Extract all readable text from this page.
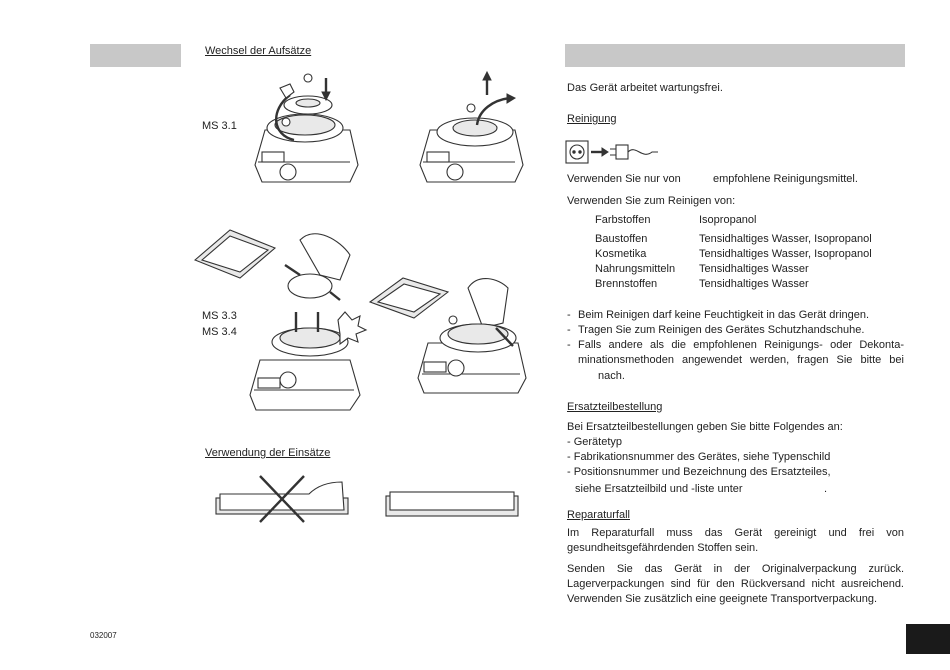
Wechsel der Aufsätze
MS 3.1
MS 3.3
MS 3.4
Verwendung der Einsätze
032007
Das Gerät arbeitet wartungsfrei.
Reinigung
Verwenden Sie nur von	empfohlene Reinigungsmittel.
Verwenden Sie zum Reinigen von:
Farbstoffen	Isopropanol
Baustoffen	Tensidhaltiges Wasser, Isopropanol
Kosmetika	Tensidhaltiges Wasser, Isopropanol
Nahrungsmitteln Tensidhaltiges Wasser
Brennstoffen	Tensidhaltiges Wasser
- Beim Reinigen darf keine Feuchtigkeit in das Gerät dringen.
- Tragen Sie zum Reinigen des Gerätes Schutzhandschuhe.
- Falls andere als die empfohlenen Reinigungs- oder Dekonta-
minationsmethoden angewendet werden, fragen Sie bitte bei
nach.
Ersatzteilbestellung
Bei Ersatzteilbestellungen geben Sie bitte Folgendes an:
- Gerätetyp
- Fabrikationsnummer des Gerätes, siehe Typenschild
- Positionsnummer und Bezeichnung des Ersatzteiles,
siehe Ersatzteilbild und -liste unter	.
Reparaturfall
Im Reparaturfall muss das Gerät gereinigt und frei von gesundheitsgefährdenden Stoffen sein.
Senden Sie das Gerät in der Originalverpackung zurück. Lagerverpackungen sind für den Rückversand nicht ausreichend. Verwenden Sie zusätzlich eine geeignete Transportverpackung.
